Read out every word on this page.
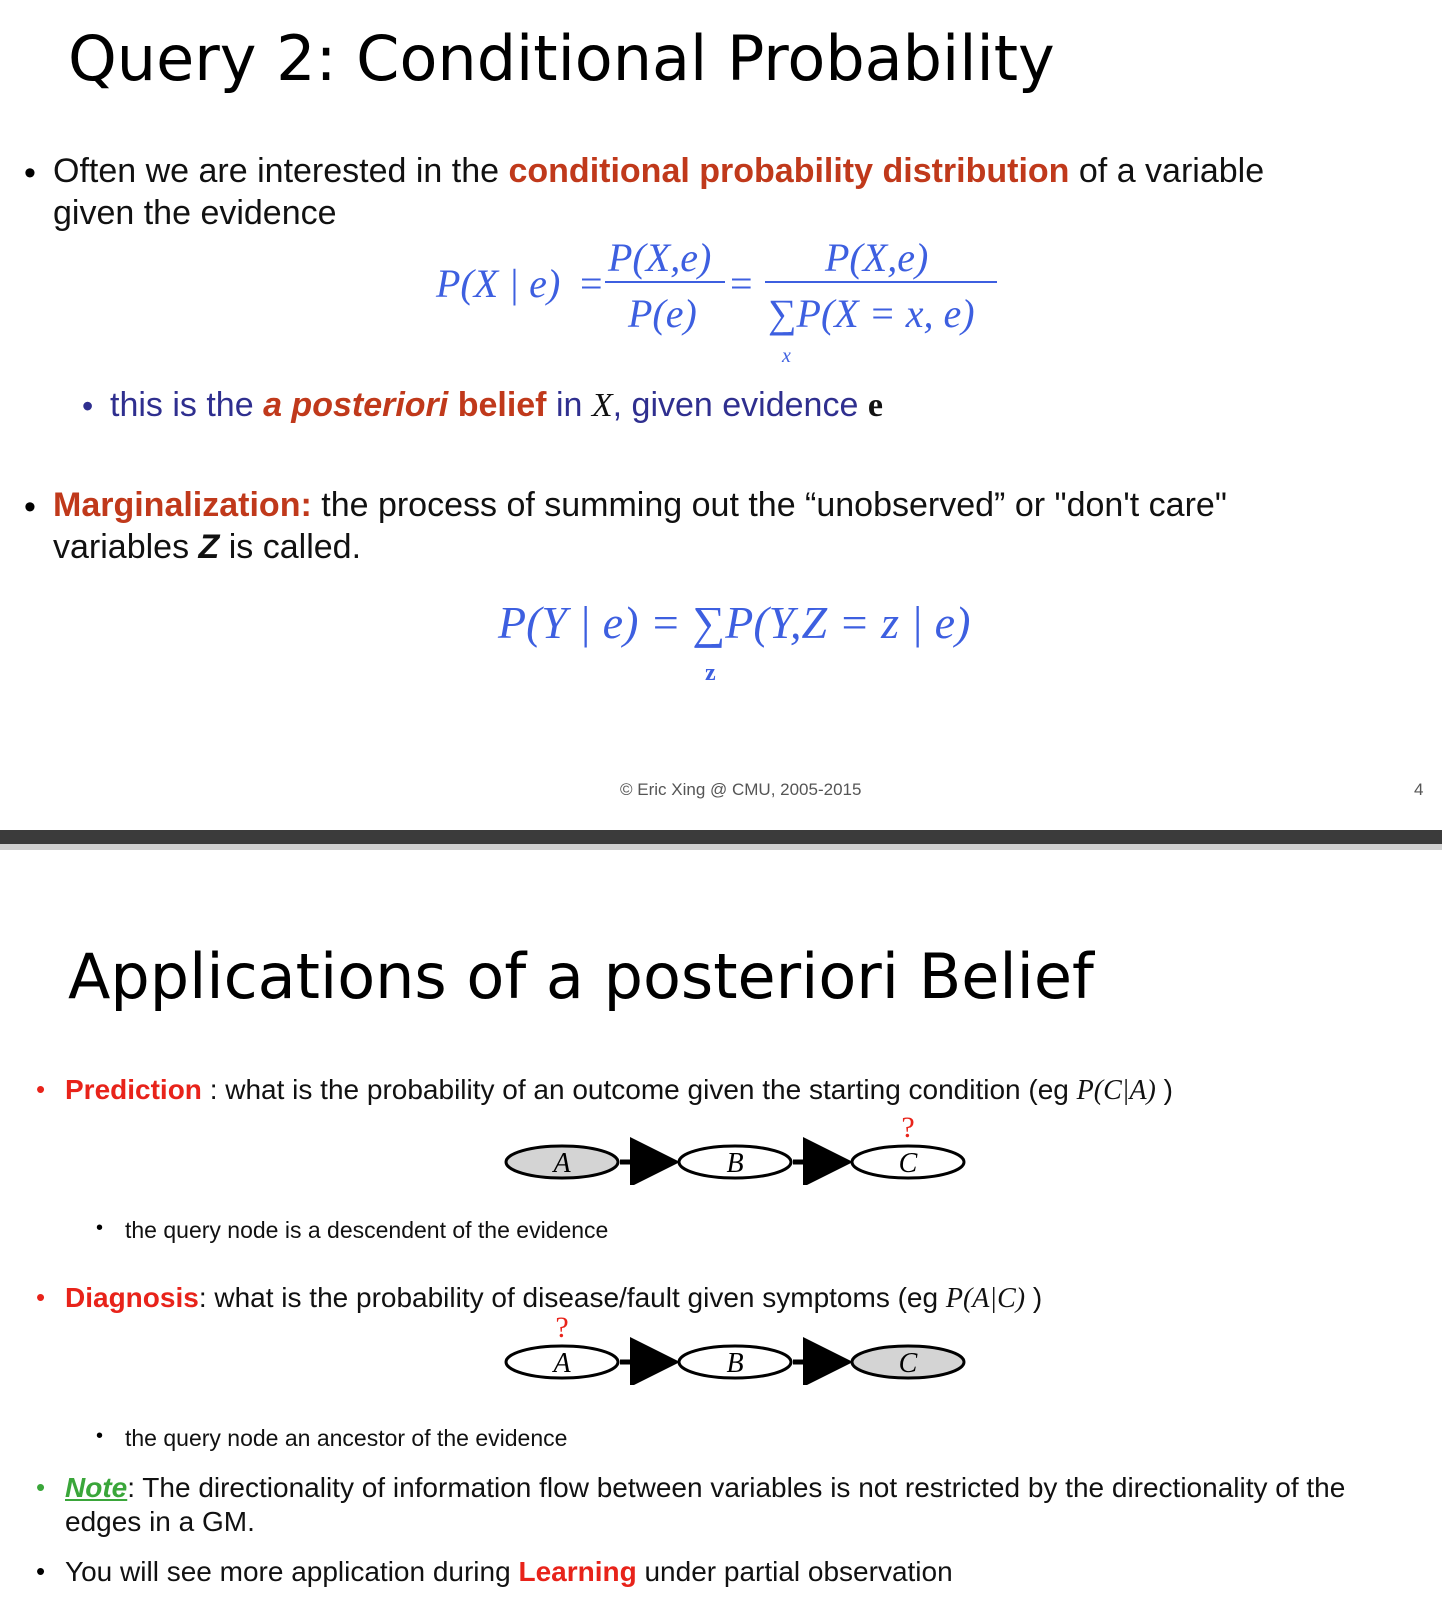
Query 2: Conditional Probability
• Often we are interested in the conditional probability distribution of a variable
given the evidence
P(X | e) =
P(X,e)
P(e)
=
P(X,e)
∑P(X = x, e)
x
• this is the a posteriori belief in X, given evidence e
• Marginalization: the process of summing out the “unobserved” or "don't care"
variables Z is called.
P(Y | e) = ∑P(Y,Z = z | e)
z
© Eric Xing @ CMU, 2005-2015	4
Applications of a posteriori Belief
• Prediction : what is the probability of an outcome given the starting condition (eg P(C|A) )
A	B	C
?
• the query node is a descendent of the evidence
• Diagnosis: what is the probability of disease/fault given symptoms (eg P(A|C) )
A
?
B	C
• the query node an ancestor of the evidence
• Note: The directionality of information flow between variables is not restricted by the directionality of the
edges in a GM.
• You will see more application during Learning under partial observation
